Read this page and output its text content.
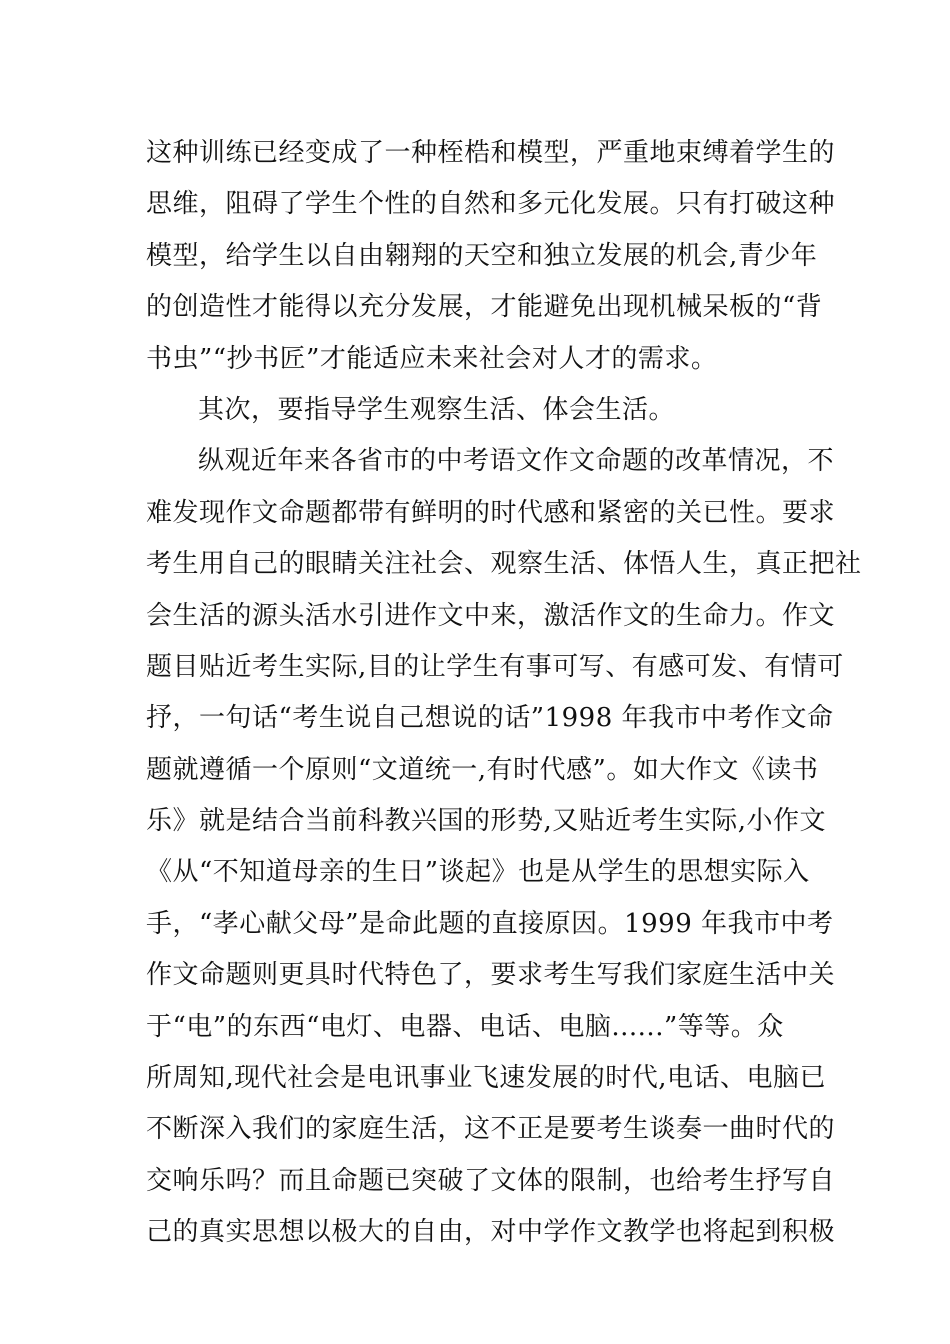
这种训练已经变成了一种桎梏和模型，严重地束缚着学生的
思维，阻碍了学生个性的自然和多元化发展。只有打破这种
模型，给学生以自由翱翔的天空和独立发展的机会,青少年
的创造性才能得以充分发展，才能避免出现机械呆板的“背
书虫”“抄书匠”才能适应未来社会对人才的需求。
其次，要指导学生观察生活、体会生活。
纵观近年来各省市的中考语文作文命题的改革情况，不
难发现作文命题都带有鲜明的时代感和紧密的关已性。要求
考生用自己的眼睛关注社会、观察生活、体悟人生，真正把社
会生活的源头活水引进作文中来，激活作文的生命力。作文
题目贴近考生实际,目的让学生有事可写、有感可发、有情可
抒，一句话“考生说自己想说的话”1998 年我市中考作文命
题就遵循一个原则“文道统一,有时代感”。如大作文《读书
乐》就是结合当前科教兴国的形势,又贴近考生实际,小作文
《从“不知道母亲的生日”谈起》也是从学生的思想实际入
手，“孝心献父母”是命此题的直接原因。1999 年我市中考
作文命题则更具时代特色了，要求考生写我们家庭生活中关
于“电”的东西“电灯、电器、电话、电脑......”等等。众
所周知,现代社会是电讯事业飞速发展的时代,电话、电脑已
不断深入我们的家庭生活，这不正是要考生谈奏一曲时代的
交响乐吗？而且命题已突破了文体的限制，也给考生抒写自
己的真实思想以极大的自由，对中学作文教学也将起到积极
